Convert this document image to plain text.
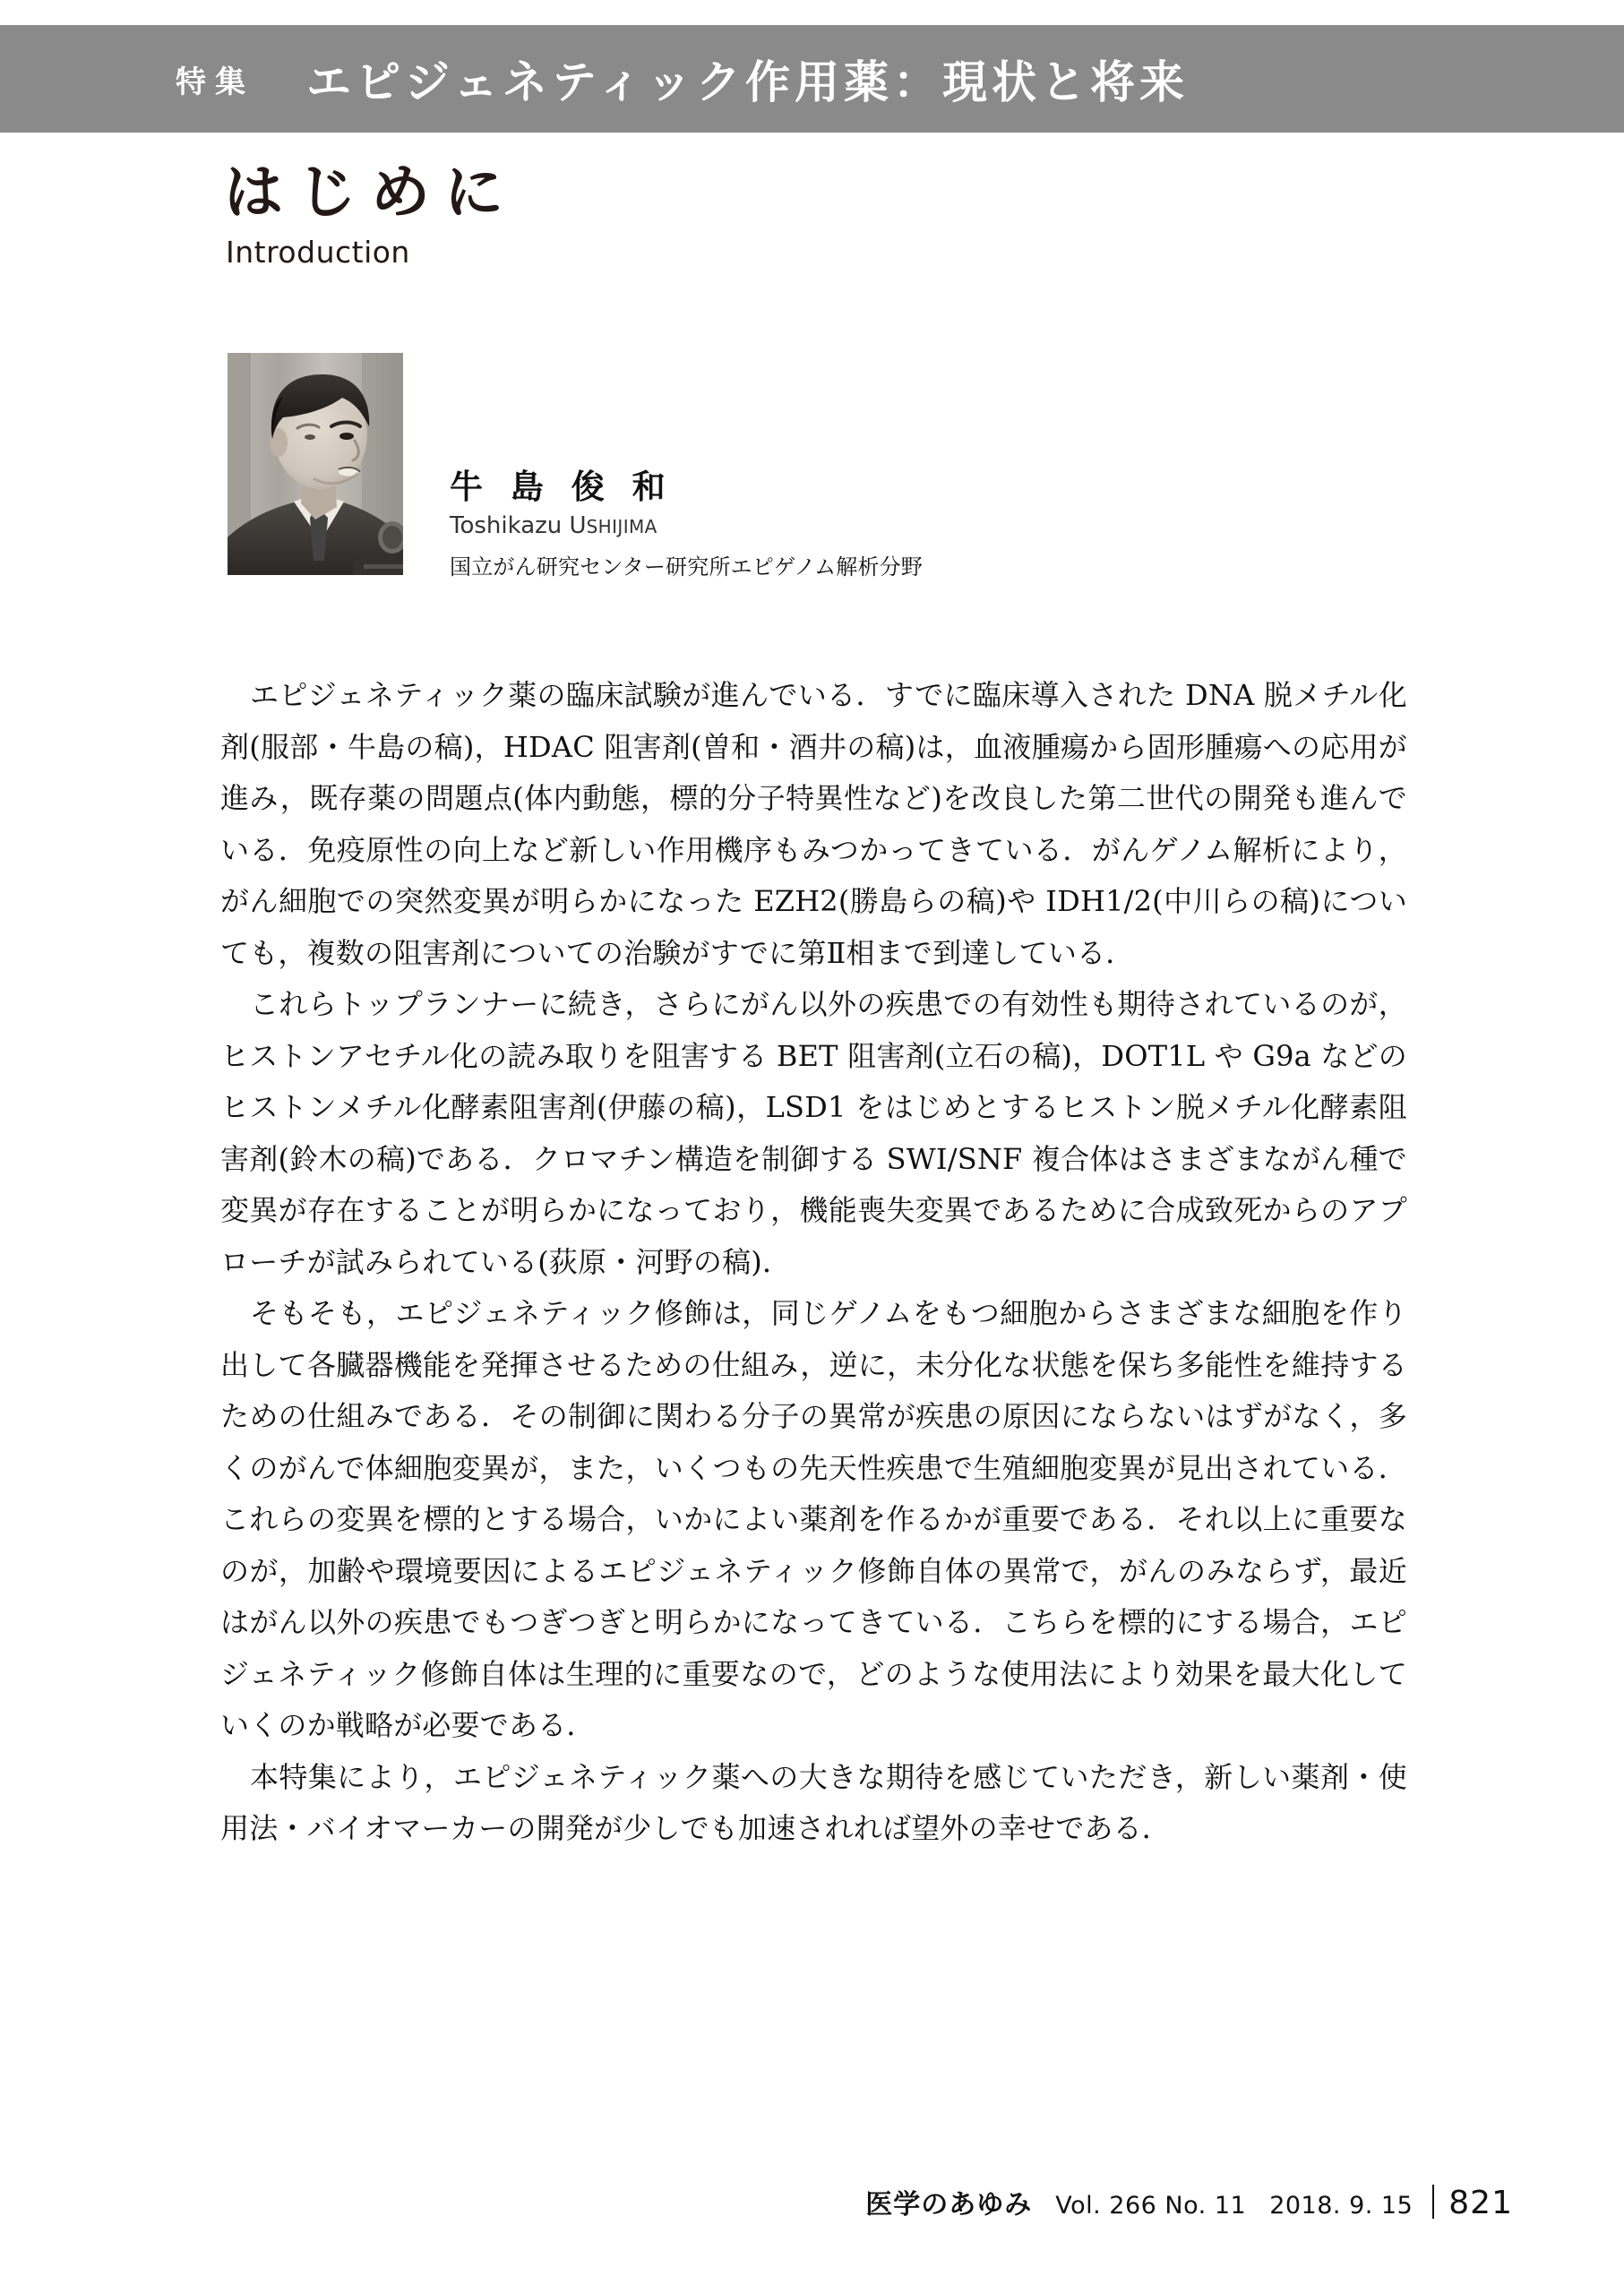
特集 エピジェネティック作用薬：現状と将来
はじめに
Introduction
牛 島 俊 和
Toshikazu USHIJIMA
国立がん研究センター研究所エピゲノム解析分野

エピジェネティック薬の臨床試験が進んでいる．すでに臨床導入された DNA 脱メチル化剤(服部・牛島の稿)，HDAC 阻害剤(曽和・酒井の稿)は，血液腫瘍から固形腫瘍への応用が進み，既存薬の問題点(体内動態，標的分子特異性など)を改良した第二世代の開発も進んでいる．免疫原性の向上など新しい作用機序もみつかってきている．がんゲノム解析により，がん細胞での突然変異が明らかになった EZH2(勝島らの稿)や IDH1/2(中川らの稿)についても，複数の阻害剤についての治験がすでに第Ⅱ相まで到達している．

これらトップランナーに続き，さらにがん以外の疾患での有効性も期待されているのが，ヒストンアセチル化の読み取りを阻害する BET 阻害剤(立石の稿)，DOT1L や G9a などのヒストンメチル化酵素阻害剤(伊藤の稿)，LSD1 をはじめとするヒストン脱メチル化酵素阻害剤(鈴木の稿)である．クロマチン構造を制御する SWI/SNF 複合体はさまざまながん種で変異が存在することが明らかになっており，機能喪失変異であるために合成致死からのアプローチが試みられている(荻原・河野の稿)．

そもそも，エピジェネティック修飾は，同じゲノムをもつ細胞からさまざまな細胞を作り出して各臓器機能を発揮させるための仕組み，逆に，未分化な状態を保ち多能性を維持するための仕組みである．その制御に関わる分子の異常が疾患の原因にならないはずがなく，多くのがんで体細胞変異が，また，いくつもの先天性疾患で生殖細胞変異が見出されている．これらの変異を標的とする場合，いかによい薬剤を作るかが重要である．それ以上に重要なのが，加齢や環境要因によるエピジェネティック修飾自体の異常で，がんのみならず，最近はがん以外の疾患でもつぎつぎと明らかになってきている．こちらを標的にする場合，エピジェネティック修飾自体は生理的に重要なので，どのような使用法により効果を最大化していくのか戦略が必要である．

本特集により，エピジェネティック薬への大きな期待を感じていただき，新しい薬剤・使用法・バイオマーカーの開発が少しでも加速されれば望外の幸せである．

医学のあゆみ Vol. 266 No. 11 2018. 9. 15 821
